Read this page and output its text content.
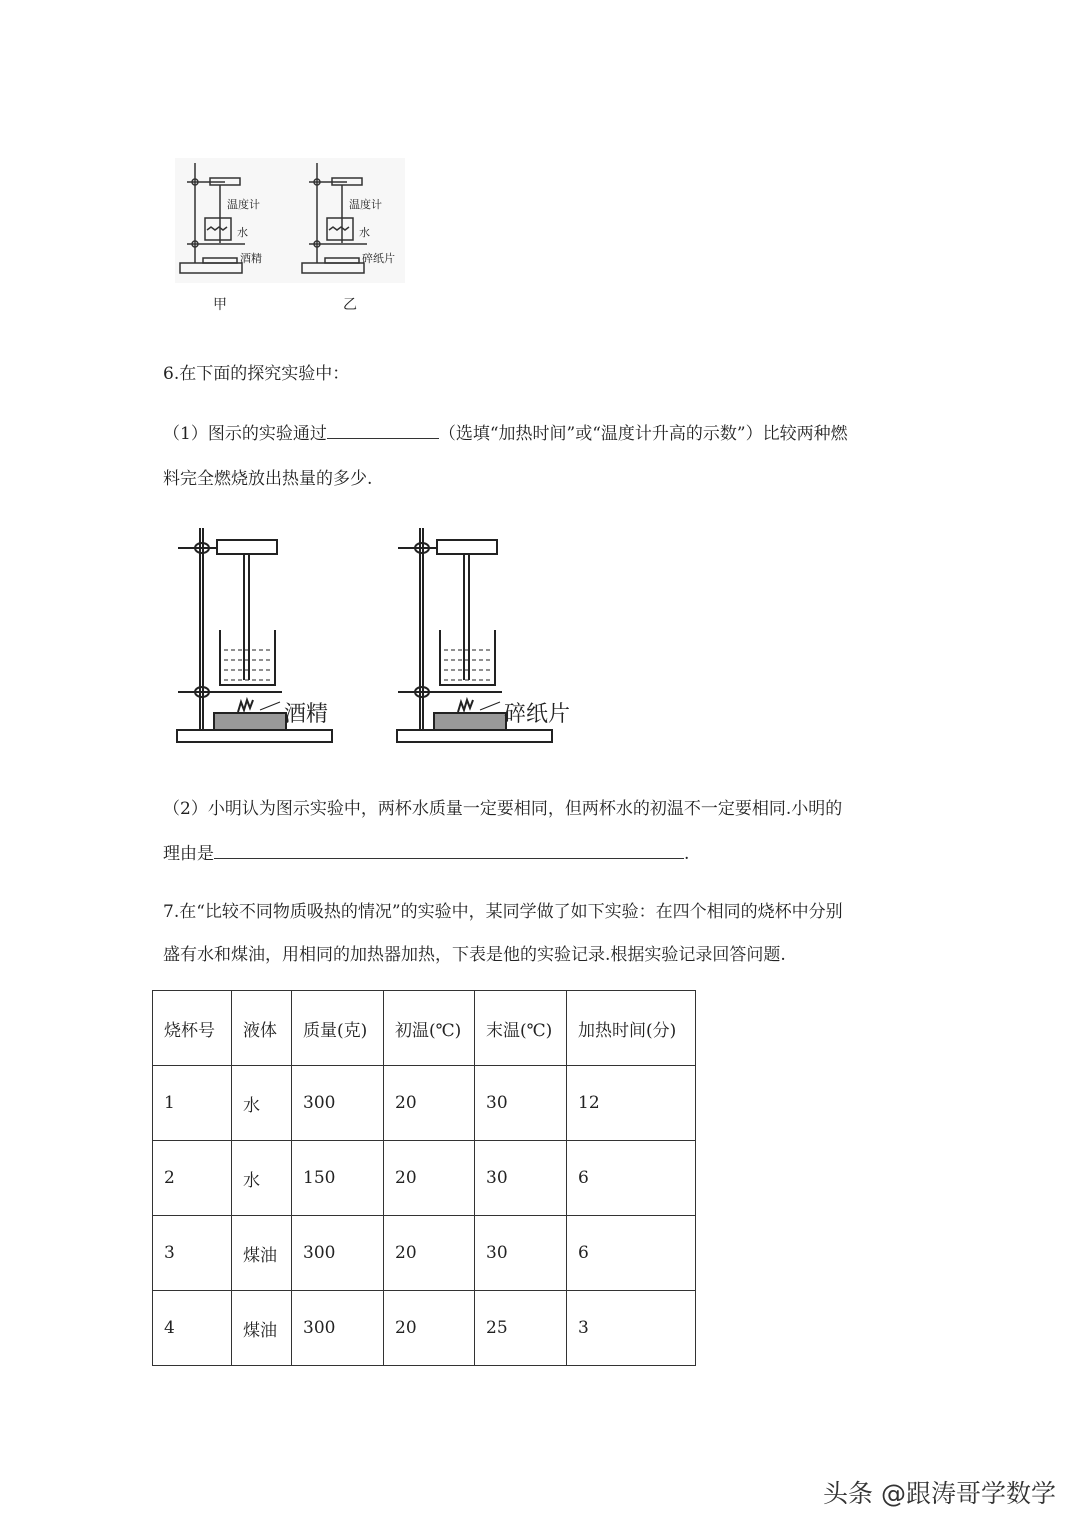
温度计
水
酒精
温度计
水
碎纸片
甲	乙
6.在下面的探究实验中：
（1）图示的实验通过	（选填“加热时间”或“温度计升高的示数”）比较两种燃
料完全燃烧放出热量的多少.
酒精	碎纸片
（2）小明认为图示实验中，两杯水质量一定要相同，但两杯水的初温不一定要相同.小明的
理由是	.
7.在“比较不同物质吸热的情况”的实验中，某同学做了如下实验：在四个相同的烧杯中分别
盛有水和煤油，用相同的加热器加热，下表是他的实验记录.根据实验记录回答问题.
烧杯号	液体	质量(克)	初温(℃)	末温(℃)	加热时间(分)
1	水	300	20	30	12
2	水	150	20	30	6
3	煤油	300	20	30	6
4	煤油	300	20	25	3
头条 @跟涛哥学数学
